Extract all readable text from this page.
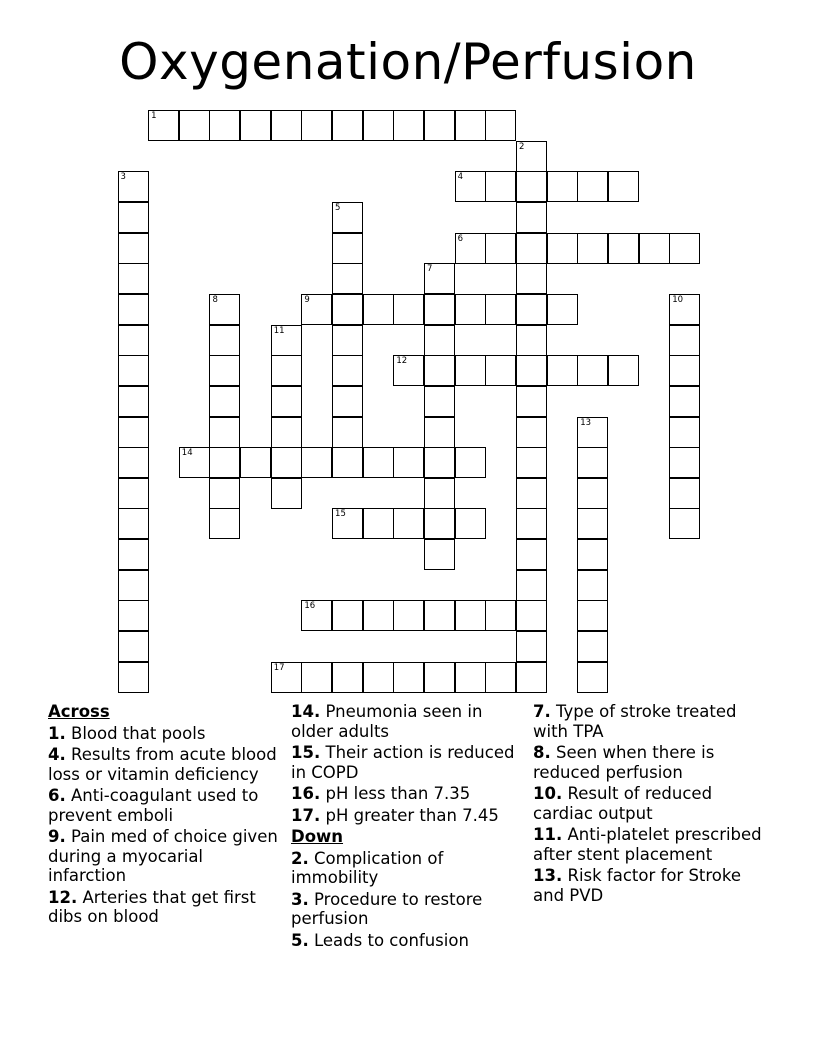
Oxygenation/Perfusion
1
2
3	4
5
6
7
8	9	10
11
12
13
14
15
16
17
Across
1. Blood that pools
4. Results from acute blood loss or vitamin deficiency
6. Anti-coagulant used to prevent emboli
9. Pain med of choice given during a myocarial infarction
12. Arteries that get first dibs on blood
14. Pneumonia seen in older adults
15. Their action is reduced in COPD
16. pH less than 7.35
17. pH greater than 7.45
Down
2. Complication of immobility
3. Procedure to restore perfusion
5. Leads to confusion
7. Type of stroke treated with TPA
8. Seen when there is reduced perfusion
10. Result of reduced cardiac output
11. Anti-platelet prescribed after stent placement
13. Risk factor for Stroke and PVD
